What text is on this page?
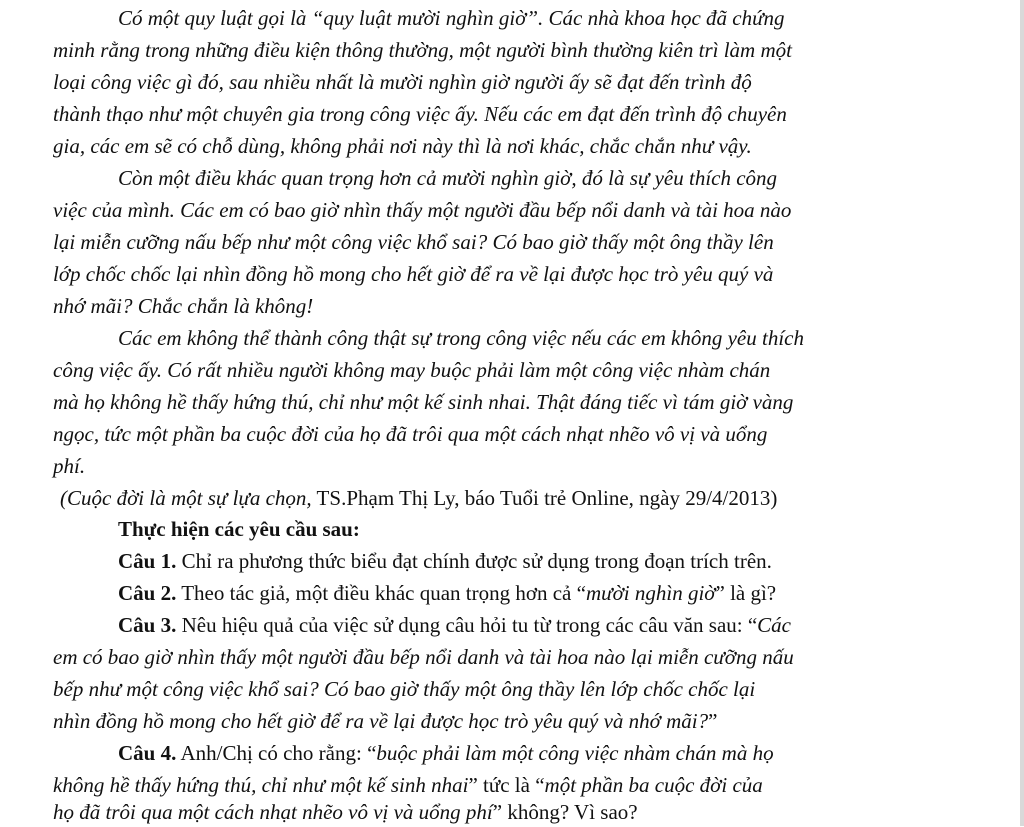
Có một quy luật gọi là “quy luật mười nghìn giờ”. Các nhà khoa học đã chứng
minh rằng trong những điều kiện thông thường, một người bình thường kiên trì làm một
loại công việc gì đó, sau nhiều nhất là mười nghìn giờ người ấy sẽ đạt đến trình độ
thành thạo như một chuyên gia trong công việc ấy. Nếu các em đạt đến trình độ chuyên
gia, các em sẽ có chỗ dùng, không phải nơi này thì là nơi khác, chắc chắn như vậy.
Còn một điều khác quan trọng hơn cả mười nghìn giờ, đó là sự yêu thích công
việc của mình. Các em có bao giờ nhìn thấy một người đầu bếp nổi danh và tài hoa nào
lại miễn cưỡng nấu bếp như một công việc khổ sai? Có bao giờ thấy một ông thầy lên
lớp chốc chốc lại nhìn đồng hồ mong cho hết giờ để ra về lại được học trò yêu quý và
nhớ mãi? Chắc chắn là không!
Các em không thể thành công thật sự trong công việc nếu các em không yêu thích
công việc ấy. Có rất nhiều người không may buộc phải làm một công việc nhàm chán
mà họ không hề thấy hứng thú, chỉ như một kế sinh nhai. Thật đáng tiếc vì tám giờ vàng
ngọc, tức một phần ba cuộc đời của họ đã trôi qua một cách nhạt nhẽo vô vị và uổng
phí.
(Cuộc đời là một sự lựa chọn, TS.Phạm Thị Ly, báo Tuổi trẻ Online, ngày 29/4/2013)
Thực hiện các yêu cầu sau:
Câu 1. Chỉ ra phương thức biểu đạt chính được sử dụng trong đoạn trích trên.
Câu 2. Theo tác giả, một điều khác quan trọng hơn cả “mười nghìn giờ” là gì?
Câu 3. Nêu hiệu quả của việc sử dụng câu hỏi tu từ trong các câu văn sau: “Các
em có bao giờ nhìn thấy một người đầu bếp nổi danh và tài hoa nào lại miễn cưỡng nấu
bếp như một công việc khổ sai? Có bao giờ thấy một ông thầy lên lớp chốc chốc lại
nhìn đồng hồ mong cho hết giờ để ra về lại được học trò yêu quý và nhớ mãi?”
Câu 4. Anh/Chị có cho rằng: “buộc phải làm một công việc nhàm chán mà họ
không hề thấy hứng thú, chỉ như một kế sinh nhai” tức là “một phần ba cuộc đời của
họ đã trôi qua một cách nhạt nhẽo vô vị và uổng phí” không? Vì sao?
